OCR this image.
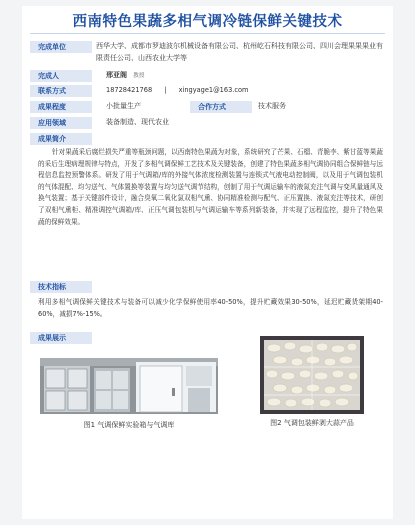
西南特色果蔬多相气调冷链保鲜关键技术
完成单位	西华大学、成都市罗迪波尔机械设备有限公司、杭州屹石科技有限公司、四川会理果果果业有限责任公司、山西农业大学等
完成人	邢亚阁 教授
联系方式	18728421768 | xingyage1@163.com
成果程度	小批量生产	合作方式	技术服务
应用领域	装备制造、现代农业
成果简介
针对果蔬采后腐烂损失严重等瓶颈问题，以西南特色果蔬为对象，系统研究了芒果、石榴、青脆李、紫甘蓝等果蔬的采后生理病理规律与特点，开发了多相气调保鲜工艺技术及关键装备，创建了特色果蔬多相气调协同组合保鲜链与远程信息监控预警体系。研发了用于气调箱/库的外接气体浓度检测装置与连锁式气液电动控制阀，以及用于气调包装机的气体混配、均匀送气、气体置换等装置与均匀送气调节结构，创制了用于气调运输车的液氮充注气调与变风量通风及换气装置；基于关键部件设计，融合臭氧二氧化氯双相气熏、协同精准检测与配气、正压置换、液氮充注等技术，研创了双相气熏柜、精准调控气调箱/库、正压气调包装机与气调运输车等系列新装备，并实现了远程监控，提升了特色果蔬的保鲜效果。
技术指标
利用多相气调保鲜关键技术与装备可以减少化学保鲜使用率40-50%，提升贮藏效果30-50%，延迟贮藏货架期40-60%，减损7%-15%。
成果展示
图1 气调保鲜实验箱与气调库	图2 气调包装鲜剥大蒜产品
